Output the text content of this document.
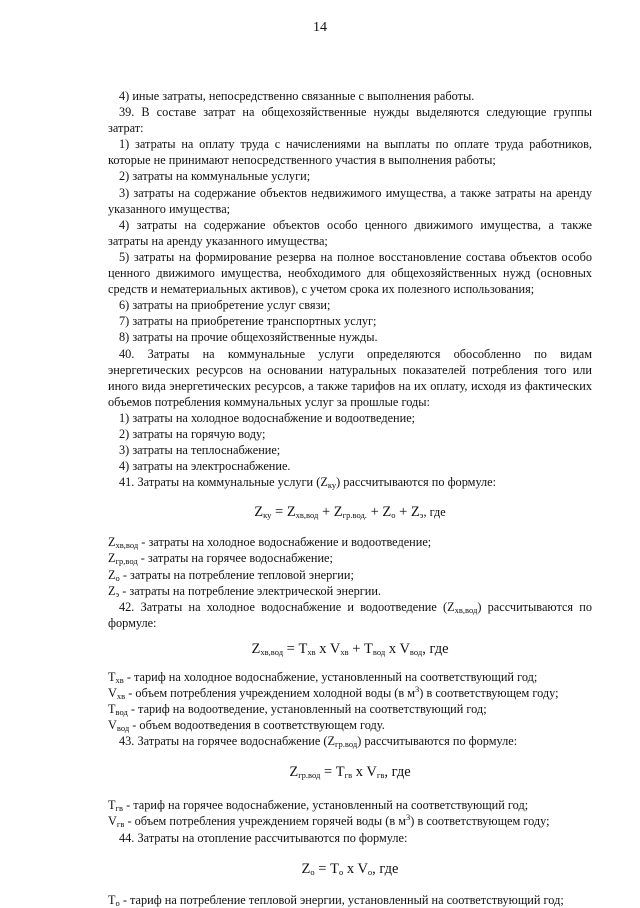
14

4) иные затраты, непосредственно связанные с выполнения работы.

39. В составе затрат на общехозяйственные нужды выделяются следующие группы затрат:

1) затраты на оплату труда с начислениями на выплаты по оплате труда работников, которые не принимают непосредственного участия в выполнения работы;

2) затраты на коммунальные услуги;

3) затраты на содержание объектов недвижимого имущества, а также затраты на аренду указанного имущества;

4) затраты на содержание объектов особо ценного движимого имущества, а также затраты на аренду указанного имущества;

5) затраты на формирование резерва на полное восстановление состава объектов особо ценного движимого имущества, необходимого для общехозяйственных нужд (основных средств и нематериальных активов), с учетом срока их полезного использования;

6) затраты на приобретение услуг связи;

7) затраты на приобретение транспортных услуг;

8) затраты на прочие общехозяйственные нужды.

40. Затраты на коммунальные услуги определяются обособленно по видам энергетических ресурсов на основании натуральных показателей потребления того или иного вида энергетических ресурсов, а также тарифов на их оплату, исходя из фактических объемов потребления коммунальных услуг за прошлые годы:

1) затраты на холодное водоснабжение и водоотведение;

2) затраты на горячую воду;

3) затраты на теплоснабжение;

4) затраты на электроснабжение.

41. Затраты на коммунальные услуги $(Z_{ку})$ рассчитываются по формуле:

$Z_{ку} = Z_{хв,вод} + Z_{гр.вод.} + Z_о + Z_э$, где

$Z_{хв,вод}$ - затраты на холодное водоснабжение и водоотведение;

$Z_{гр,вод}$ - затраты на горячее водоснабжение;

$Z_о$ - затраты на потребление тепловой энергии;

$Z_э$ - затраты на потребление электрической энергии.

42. Затраты на холодное водоснабжение и водоотведение $(Z_{хв,вод})$ рассчитываются по формуле:

$Z_{хв,вод} = T_{хв}$ x $V_{хв} + T_{вод}$ x $V_{вод}$, где

$T_{хв}$ - тариф на холодное водоснабжение, установленный на соответствующий год;

$V_{хв}$ - объем потребления учреждением холодной воды (в $м^3$) в соответствующем году;

$T_{вод}$ - тариф на водоотведение, установленный на соответствующий год;

$V_{вод}$ - объем водоотведения в соответствующем году.

43. Затраты на горячее водоснабжение $(Z_{гр.вод})$ рассчитываются по формуле:

$Z_{гр.вод} = T_{гв}$ x $V_{гв}$, где

$T_{гв}$ - тариф на горячее водоснабжение, установленный на соответствующий год;

$V_{гв}$ - объем потребления учреждением горячей воды (в $м^3$) в соответствующем году;

44. Затраты на отопление рассчитываются по формуле:

$Z_о = T_о$ x $V_о$, где

$T_о$ - тариф на потребление тепловой энергии, установленный на соответствующий год;
